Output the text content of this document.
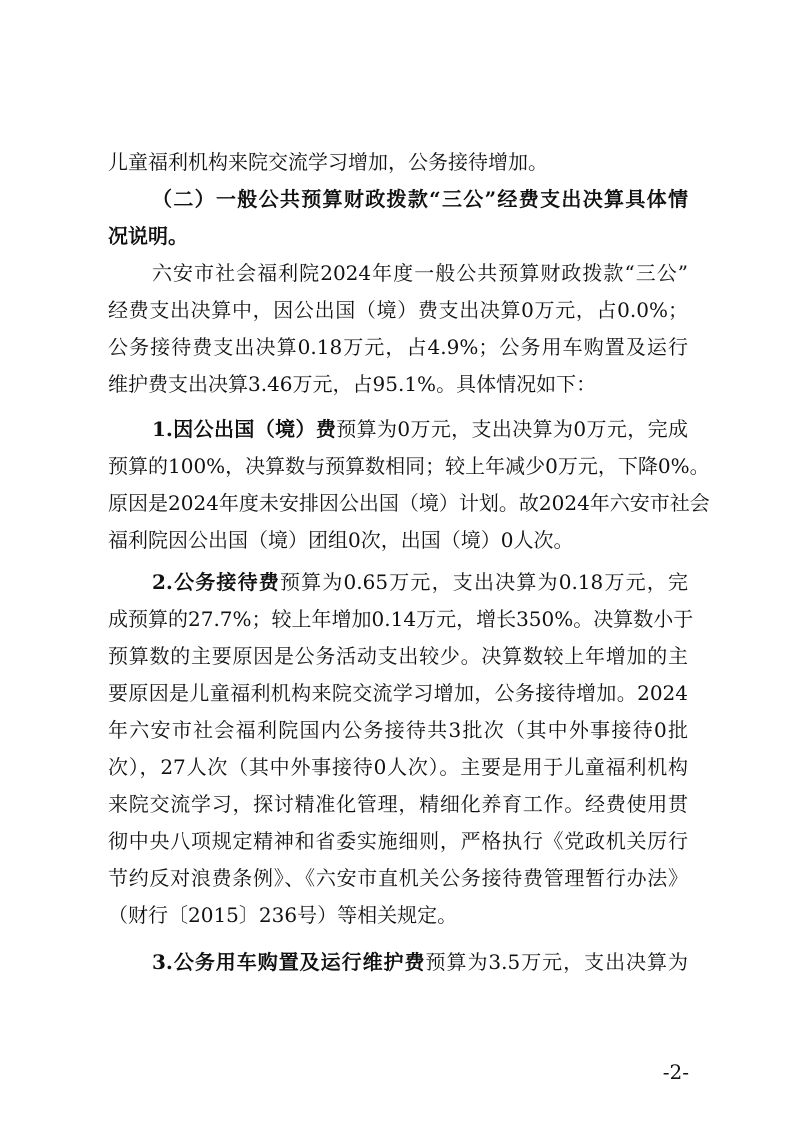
儿童福利机构来院交流学习增加，公务接待增加。
（二）一般公共预算财政拨款“三公”经费支出决算具体情
况说明。
六安市社会福利院2024年度一般公共预算财政拨款“三公”
经费支出决算中，因公出国（境）费支出决算0万元，占0.0%；
公务接待费支出决算0.18万元，占4.9%；公务用车购置及运行
维护费支出决算3.46万元，占95.1%。具体情况如下：
1.因公出国（境）费预算为0万元，支出决算为0万元，完成
预算的100%，决算数与预算数相同；较上年减少0万元，下降0%。
原因是2024年度未安排因公出国（境）计划。故2024年六安市社会
福利院因公出国（境）团组0次，出国（境）0人次。
2.公务接待费预算为0.65万元，支出决算为0.18万元，完
成预算的27.7%；较上年增加0.14万元，增长350%。决算数小于
预算数的主要原因是公务活动支出较少。决算数较上年增加的主
要原因是儿童福利机构来院交流学习增加，公务接待增加。2024
年六安市社会福利院国内公务接待共3批次（其中外事接待0批
次），27人次（其中外事接待0人次）。主要是用于儿童福利机构
来院交流学习，探讨精准化管理，精细化养育工作。经费使用贯
彻中央八项规定精神和省委实施细则，严格执行《党政机关厉行
节约反对浪费条例》、《六安市直机关公务接待费管理暂行办法》
（财行〔2015〕236号）等相关规定。
3.公务用车购置及运行维护费预算为3.5万元，支出决算为
-2-
